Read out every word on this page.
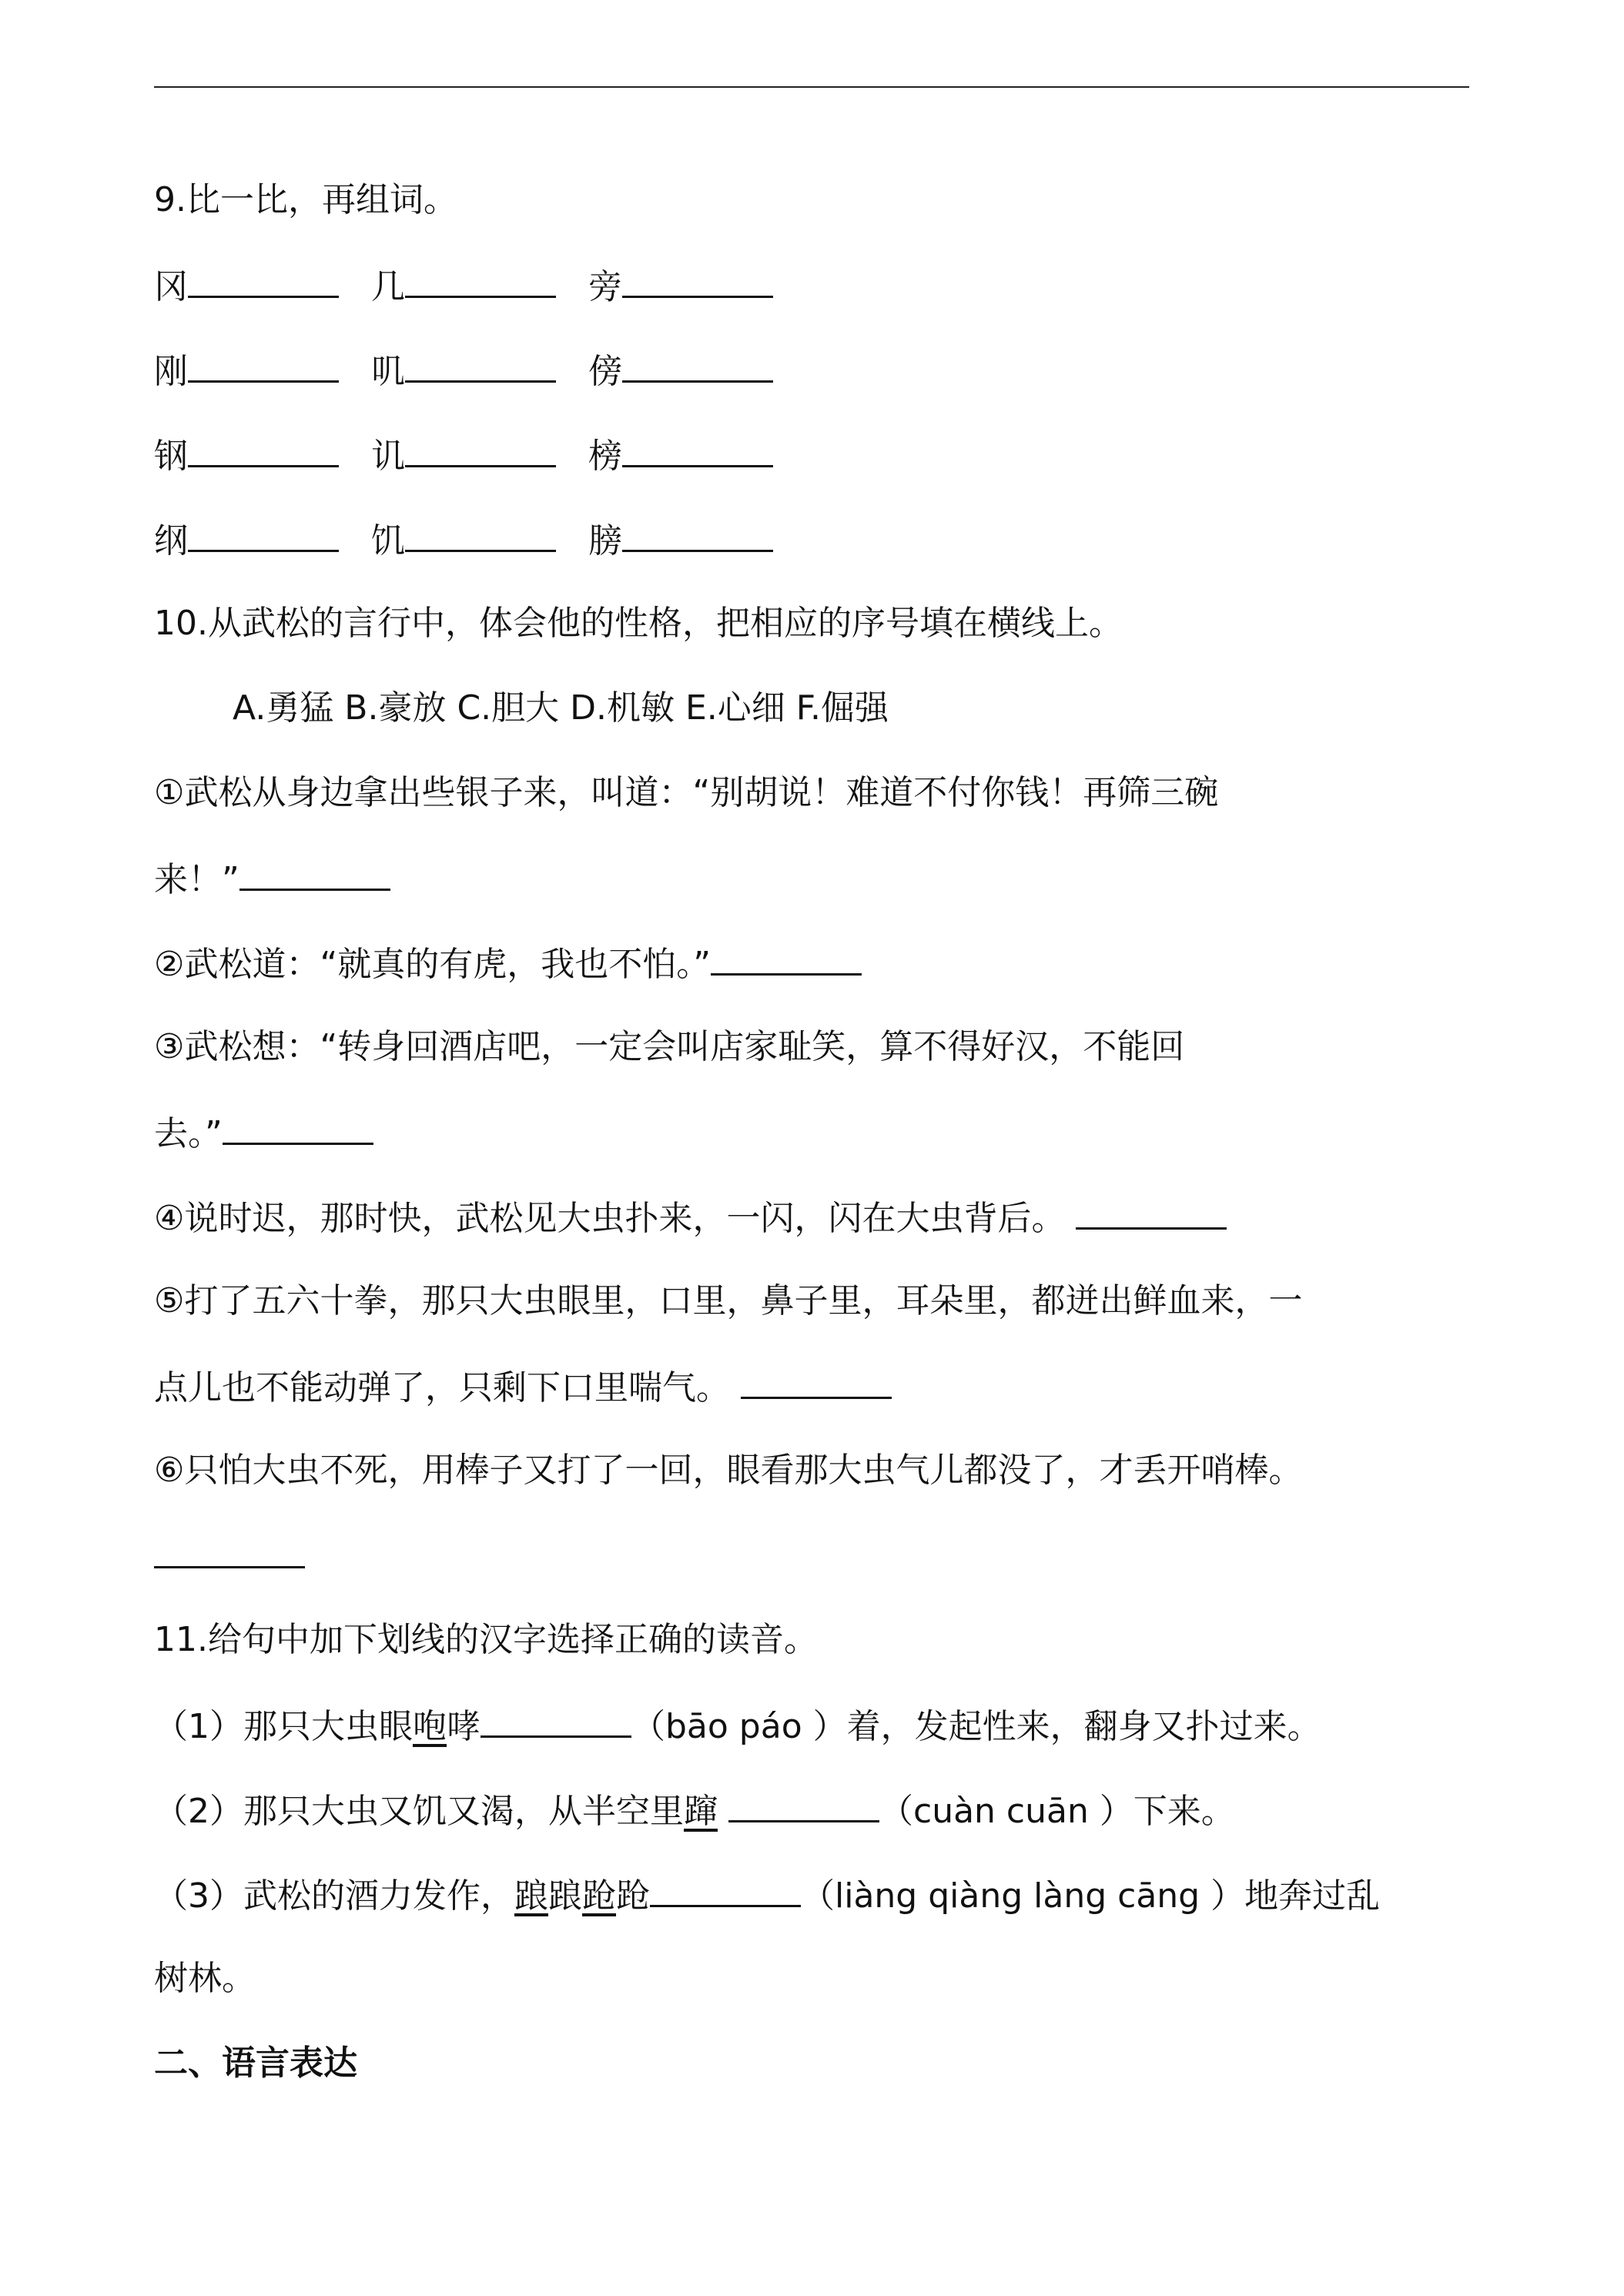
9.比一比，再组词。
冈	几	旁
刚	叽	傍
钢	讥	榜
纲	饥	膀
10.从武松的言行中，体会他的性格，把相应的序号填在横线上。
A.勇猛 B.豪放 C.胆大 D.机敏 E.心细 F.倔强
①武松从身边拿出些银子来，叫道：“别胡说！难道不付你钱！再筛三碗
来！”
②武松道：“就真的有虎，我也不怕。”
③武松想：“转身回酒店吧，一定会叫店家耻笑，算不得好汉，不能回
去。”
④说时迟，那时快，武松见大虫扑来，一闪，闪在大虫背后。
⑤打了五六十拳，那只大虫眼里，口里，鼻子里，耳朵里，都迸出鲜血来，一
点儿也不能动弹了，只剩下口里喘气。
⑥只怕大虫不死，用棒子又打了一回，眼看那大虫气儿都没了，才丢开哨棒。
11.给句中加下划线的汉字选择正确的读音。
（1）那只大虫眼咆哮	（bāo páo ）着，发起性来，翻身又扑过来。
（2）那只大虫又饥又渴，从半空里蹿	（cuàn cuān ）下来。
（3）武松的酒力发作，踉踉跄跄	（liàng qiàng làng cāng ）地奔过乱
树林。
二、语言表达
